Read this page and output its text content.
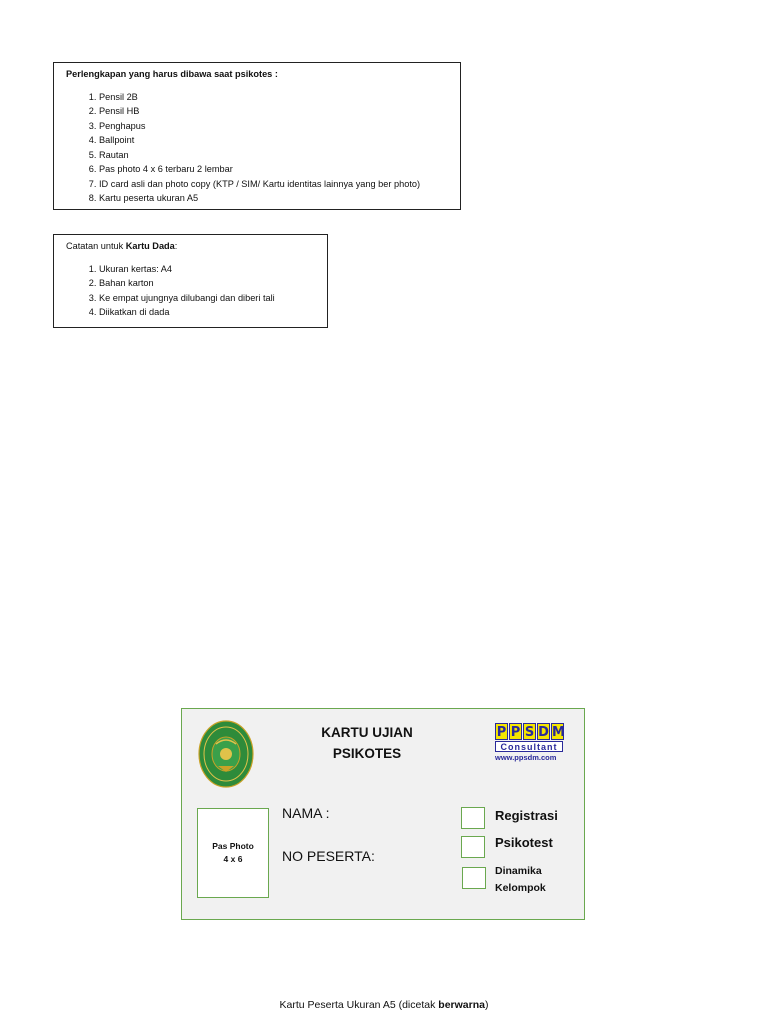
Perlengkapan yang harus dibawa saat psikotes :
1. Pensil 2B
2. Pensil HB
3. Penghapus
4. Ballpoint
5. Rautan
6. Pas photo 4 x 6 terbaru 2 lembar
7. ID card asli dan photo copy (KTP / SIM/ Kartu identitas lainnya yang ber photo)
8. Kartu peserta ukuran A5
Catatan untuk Kartu Dada:
1. Ukuran kertas: A4
2. Bahan karton
3. Ke empat ujungnya dilubangi dan diberi tali
4. Diikatkan di dada
KARTU UJIAN
PSIKOTES
P P S D M
Consultant
www.ppsdm.com
Pas Photo
4 x 6
NAMA :
NO PESERTA:
Registrasi
Psikotest
Dinamika
Kelompok
Kartu Peserta Ukuran A5 (dicetak berwarna)
